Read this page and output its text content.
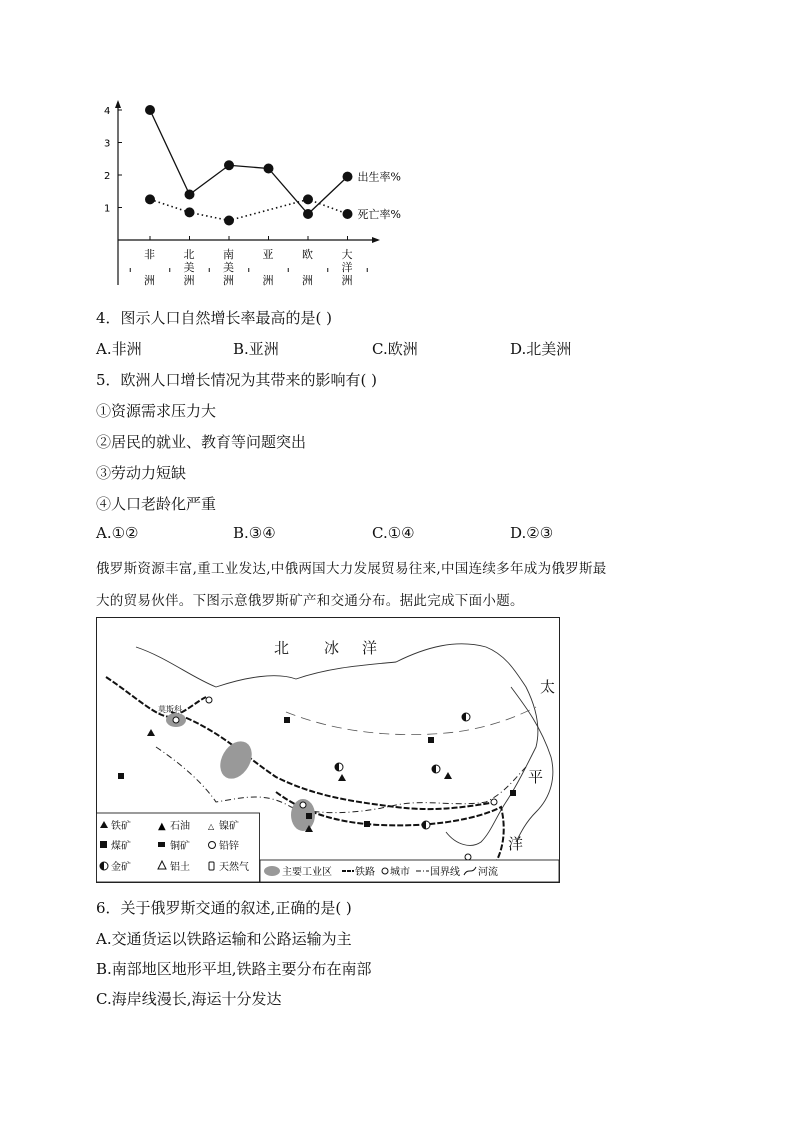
1
2
3
4
非
洲
北
美
洲
南
美
洲
亚
洲
欧
洲
大
洋
洲
出生率%
死亡率%
4．图示人口自然增长率最高的是( )
A.非洲	B.亚洲	C.欧洲	D.北美洲
5．欧洲人口增长情况为其带来的影响有( )
①资源需求压力大
②居民的就业、教育等问题突出
③劳动力短缺
④人口老龄化严重
A.①②	B.③④	C.①④	D.②③
俄罗斯资源丰富,重工业发达,中俄两国大力发展贸易往来,中国连续多年成为俄罗斯最
大的贸易伙伴。下图示意俄罗斯矿产和交通分布。据此完成下面小题。
北 冰 洋
太
平
洋
莫斯科
铁矿	▲ 石油 △ 镍矿
煤矿	铜矿	铅锌
金矿	铝土	天然气	主要工业区 铁路 城市 国界线 河流
6．关于俄罗斯交通的叙述,正确的是( )
A.交通货运以铁路运输和公路运输为主
B.南部地区地形平坦,铁路主要分布在南部
C.海岸线漫长,海运十分发达
